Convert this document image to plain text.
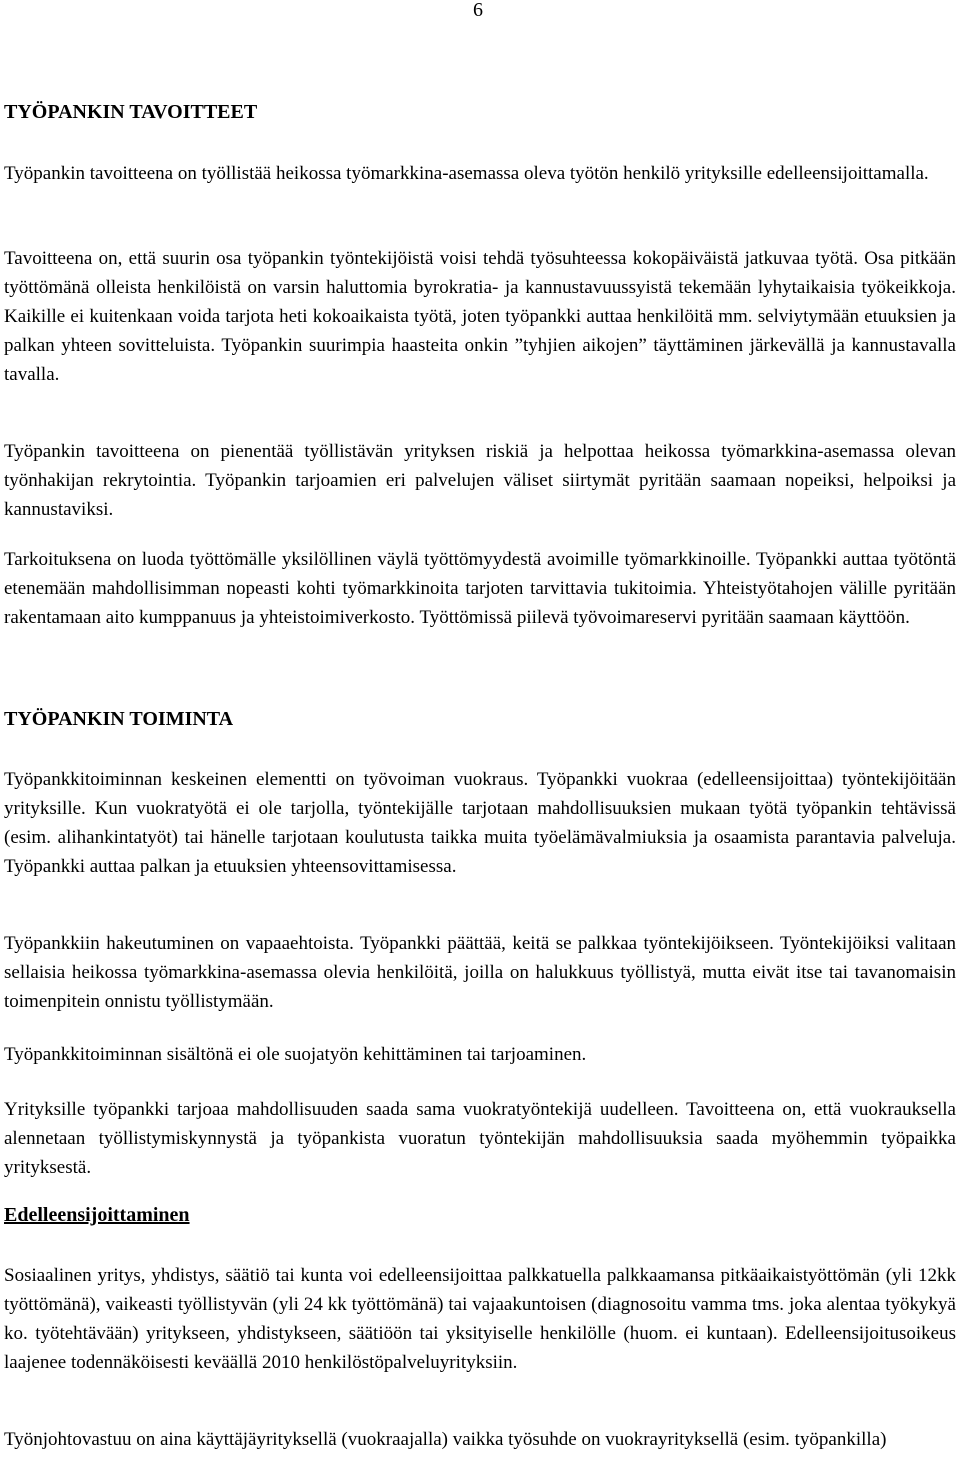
6
TYÖPANKIN TAVOITTEET

Työpankin tavoitteena on työllistää heikossa työmarkkina-asemassa oleva työtön henkilö yrityksille edelleensijoittamalla.

Tavoitteena on, että suurin osa työpankin työntekijöistä voisi tehdä työsuhteessa kokopäiväistä jatkuvaa työtä. Osa pitkään työttömänä olleista henkilöistä on varsin haluttomia byrokratia- ja kannustavuussyistä tekemään lyhytaikaisia työkeikkoja. Kaikille ei kuitenkaan voida tarjota heti kokoaikaista työtä, joten työpankki auttaa henkilöitä mm. selviytymään etuuksien ja palkan yhteen sovitteluista. Työpankin suurimpia haasteita onkin ”tyhjien aikojen” täyttäminen järkevällä ja kannustavalla tavalla.

Työpankin tavoitteena on pienentää työllistävän yrityksen riskiä ja helpottaa heikossa työmarkkina-asemassa olevan työnhakijan rekrytointia. Työpankin tarjoamien eri palvelujen väliset siirtymät pyritään saamaan nopeiksi, helpoiksi ja kannustaviksi.

Tarkoituksena on luoda työttömälle yksilöllinen väylä työttömyydestä avoimille työmarkkinoille. Työpankki auttaa työtöntä etenemään mahdollisimman nopeasti kohti työmarkkinoita tarjoten tarvittavia tukitoimia. Yhteistyötahojen välille pyritään rakentamaan aito kumppanuus ja yhteistoimiverkosto. Työttömissä piilevä työvoimareservi pyritään saamaan käyttöön.

TYÖPANKIN TOIMINTA

Työpankkitoiminnan keskeinen elementti on työvoiman vuokraus. Työpankki vuokraa (edelleensijoittaa) työntekijöitään yrityksille. Kun vuokratyötä ei ole tarjolla, työntekijälle tarjotaan mahdollisuuksien mukaan työtä työpankin tehtävissä (esim. alihankintatyöt) tai hänelle tarjotaan koulutusta taikka muita työelämävalmiuksia ja osaamista parantavia palveluja. Työpankki auttaa palkan ja etuuksien yhteensovittamisessa.

Työpankkiin hakeutuminen on vapaaehtoista. Työpankki päättää, keitä se palkkaa työntekijöikseen. Työntekijöiksi valitaan sellaisia heikossa työmarkkina-asemassa olevia henkilöitä, joilla on halukkuus työllistyä, mutta eivät itse tai tavanomaisin toimenpitein onnistu työllistymään.

Työpankkitoiminnan sisältönä ei ole suojatyön kehittäminen tai tarjoaminen.

Yrityksille työpankki tarjoaa mahdollisuuden saada sama vuokratyöntekijä uudelleen. Tavoitteena on, että vuokrauksella alennetaan työllistymiskynnystä ja työpankista vuoratun työntekijän mahdollisuuksia saada myöhemmin työpaikka yrityksestä.

Edelleensijoittaminen

Sosiaalinen yritys, yhdistys, säätiö tai kunta voi edelleensijoittaa palkkatuella palkkaamansa pitkäaikaistyöttömän (yli 12kk työttömänä), vaikeasti työllistyvän (yli 24 kk työttömänä) tai vajaakuntoisen (diagnosoitu vamma tms. joka alentaa työkykyä ko. työtehtävään) yritykseen, yhdistykseen, säätiöön tai yksityiselle henkilölle (huom. ei kuntaan). Edelleensijoitusoikeus laajenee todennäköisesti keväällä 2010 henkilöstöpalveluyrityksiin.

Työnjohtovastuu on aina käyttäjäyrityksellä (vuokraajalla) vaikka työsuhde on vuokrayrityksellä (esim. työpankilla)
